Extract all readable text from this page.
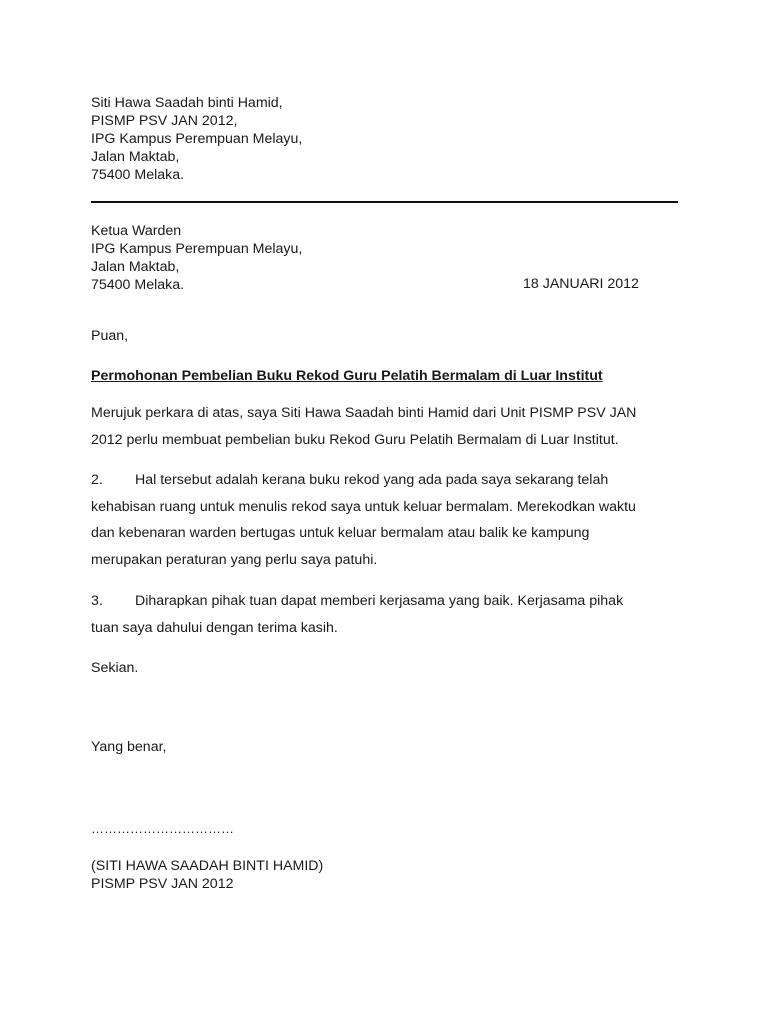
Siti Hawa Saadah binti Hamid,
PISMP PSV JAN 2012,
IPG Kampus Perempuan Melayu,
Jalan Maktab,
75400 Melaka.
Ketua Warden
IPG Kampus Perempuan Melayu,
Jalan Maktab,
75400 Melaka.	18 JANUARI 2012
Puan,
Permohonan Pembelian Buku Rekod Guru Pelatih Bermalam di Luar Institut
Merujuk perkara di atas, saya Siti Hawa Saadah binti Hamid dari Unit PISMP PSV JAN
2012 perlu membuat pembelian buku Rekod Guru Pelatih Bermalam di Luar Institut.
2. Hal tersebut adalah kerana buku rekod yang ada pada saya sekarang telah
kehabisan ruang untuk menulis rekod saya untuk keluar bermalam. Merekodkan waktu
dan kebenaran warden bertugas untuk keluar bermalam atau balik ke kampung
merupakan peraturan yang perlu saya patuhi.
3. Diharapkan pihak tuan dapat memberi kerjasama yang baik. Kerjasama pihak
tuan saya dahului dengan terima kasih.
Sekian.
Yang benar,
……………………………
(SITI HAWA SAADAH BINTI HAMID)
PISMP PSV JAN 2012
